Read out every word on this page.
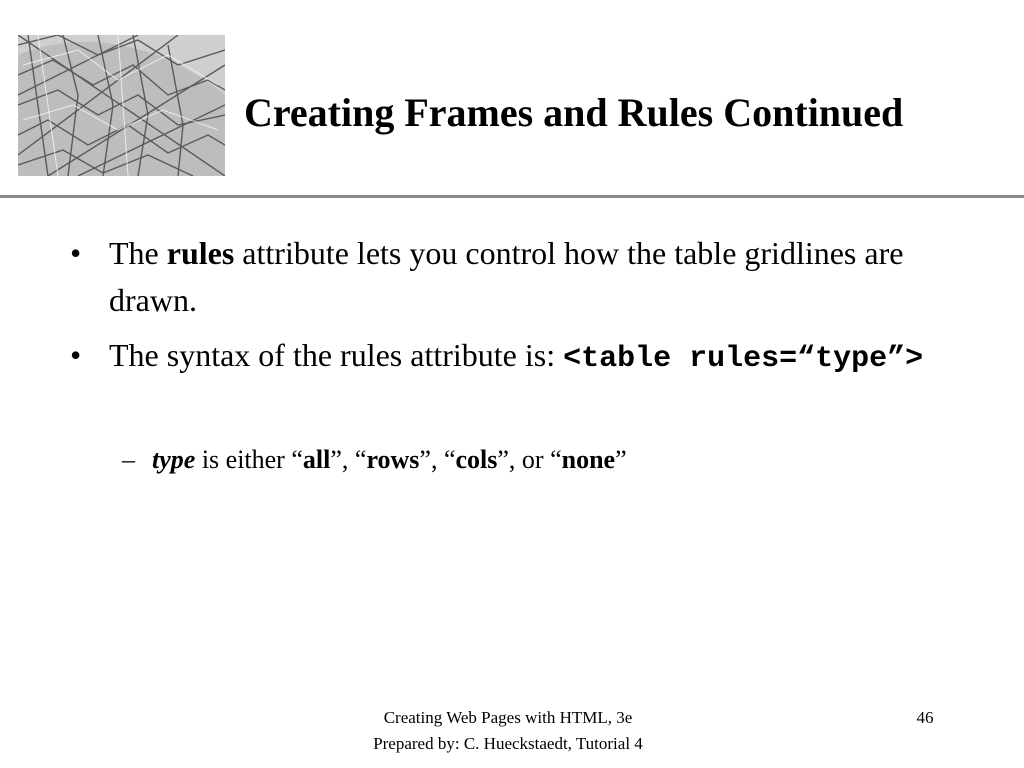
Creating Frames and Rules Continued
• The rules attribute lets you control how the table gridlines are drawn.
• The syntax of the rules attribute is: <table rules=“type”>
– type is either “all”, “rows”, “cols”, or “none”
Creating Web Pages with HTML, 3e
Prepared by: C. Hueckstaedt, Tutorial 4
46
